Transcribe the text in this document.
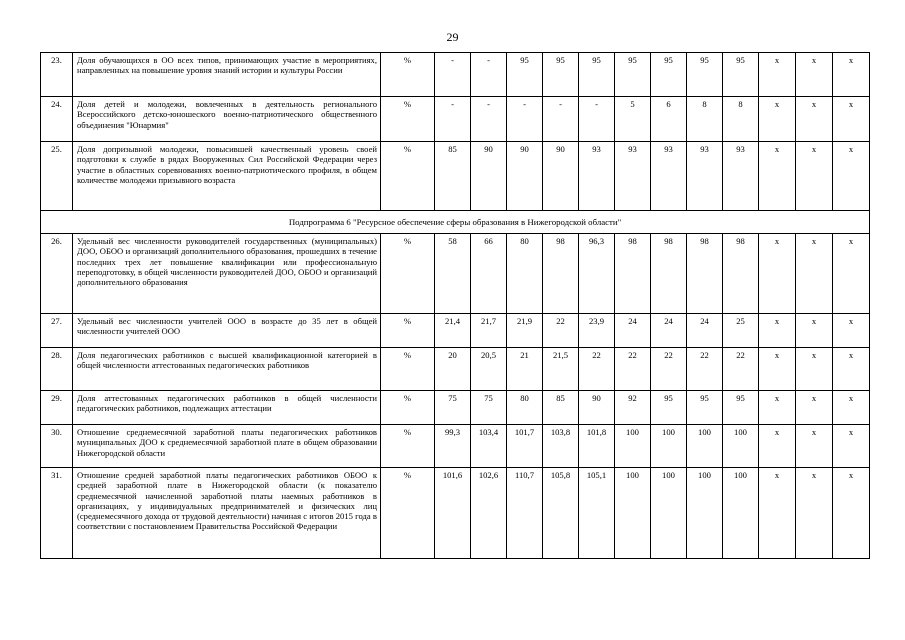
29
23.	Доля обучающихся в ОО всех типов, принимающих участие в мероприятиях, направленных на повышение уровня знаний истории и культуры России	%	-	-	95	95	95	95	95	95	95	х	х	х
24.	Доля детей и молодежи, вовлеченных в деятельность регионального Всероссийского детско-юношеского военно-патриотического общественного объединения "Юнармия"	%	-	-	-	-	-	5	6	8	8	х	х	х
25.	Доля допризывной молодежи, повысившей качественный уровень своей подготовки к службе в рядах Вооруженных Сил Российской Федерации через участие в областных соревнованиях военно-патриотического профиля, в общем количестве молодежи призывного возраста	%	85	90	90	90	93	93	93	93	93	х	х	х
Подпрограмма 6 "Ресурсное обеспечение сферы образования в Нижегородской области"														
26.	Удельный вес численности руководителей государственных (муниципальных) ДОО, ОБОО и организаций дополнительного образования, прошедших в течение последних трех лет повышение квалификации или профессиональную переподготовку, в общей численности руководителей ДОО, ОБОО и организаций дополнительного образования	%	58	66	80	98	96,3	98	98	98	98	х	х	х
27.	Удельный вес численности учителей ООО в возрасте до 35 лет в общей численности учителей ООО	%	21,4	21,7	21,9	22	23,9	24	24	24	25	х	х	х
28.	Доля педагогических работников с высшей квалификационной категорией в общей численности аттестованных педагогических работников	%	20	20,5	21	21,5	22	22	22	22	22	х	х	х
29.	Доля аттестованных педагогических работников в общей численности педагогических работников, подлежащих аттестации	%	75	75	80	85	90	92	95	95	95	х	х	х
30.	Отношение среднемесячной заработной платы педагогических работников муниципальных ДОО к среднемесячной заработной плате в общем образовании Нижегородской области	%	99,3	103,4	101,7	103,8	101,8	100	100	100	100	х	х	х
31.	Отношение средней заработной платы педагогических работников ОБОО к средней заработной плате в Нижегородской области (к показателю среднемесячной начисленной заработной платы наемных работников в организациях, у индивидуальных предпринимателей и физических лиц (среднемесячного дохода от трудовой деятельности) начиная с итогов 2015 года в соответствии с постановлением Правительства Российской Федерации	%	101,6	102,6	110,7	105,8	105,1	100	100	100	100	х	х	х
